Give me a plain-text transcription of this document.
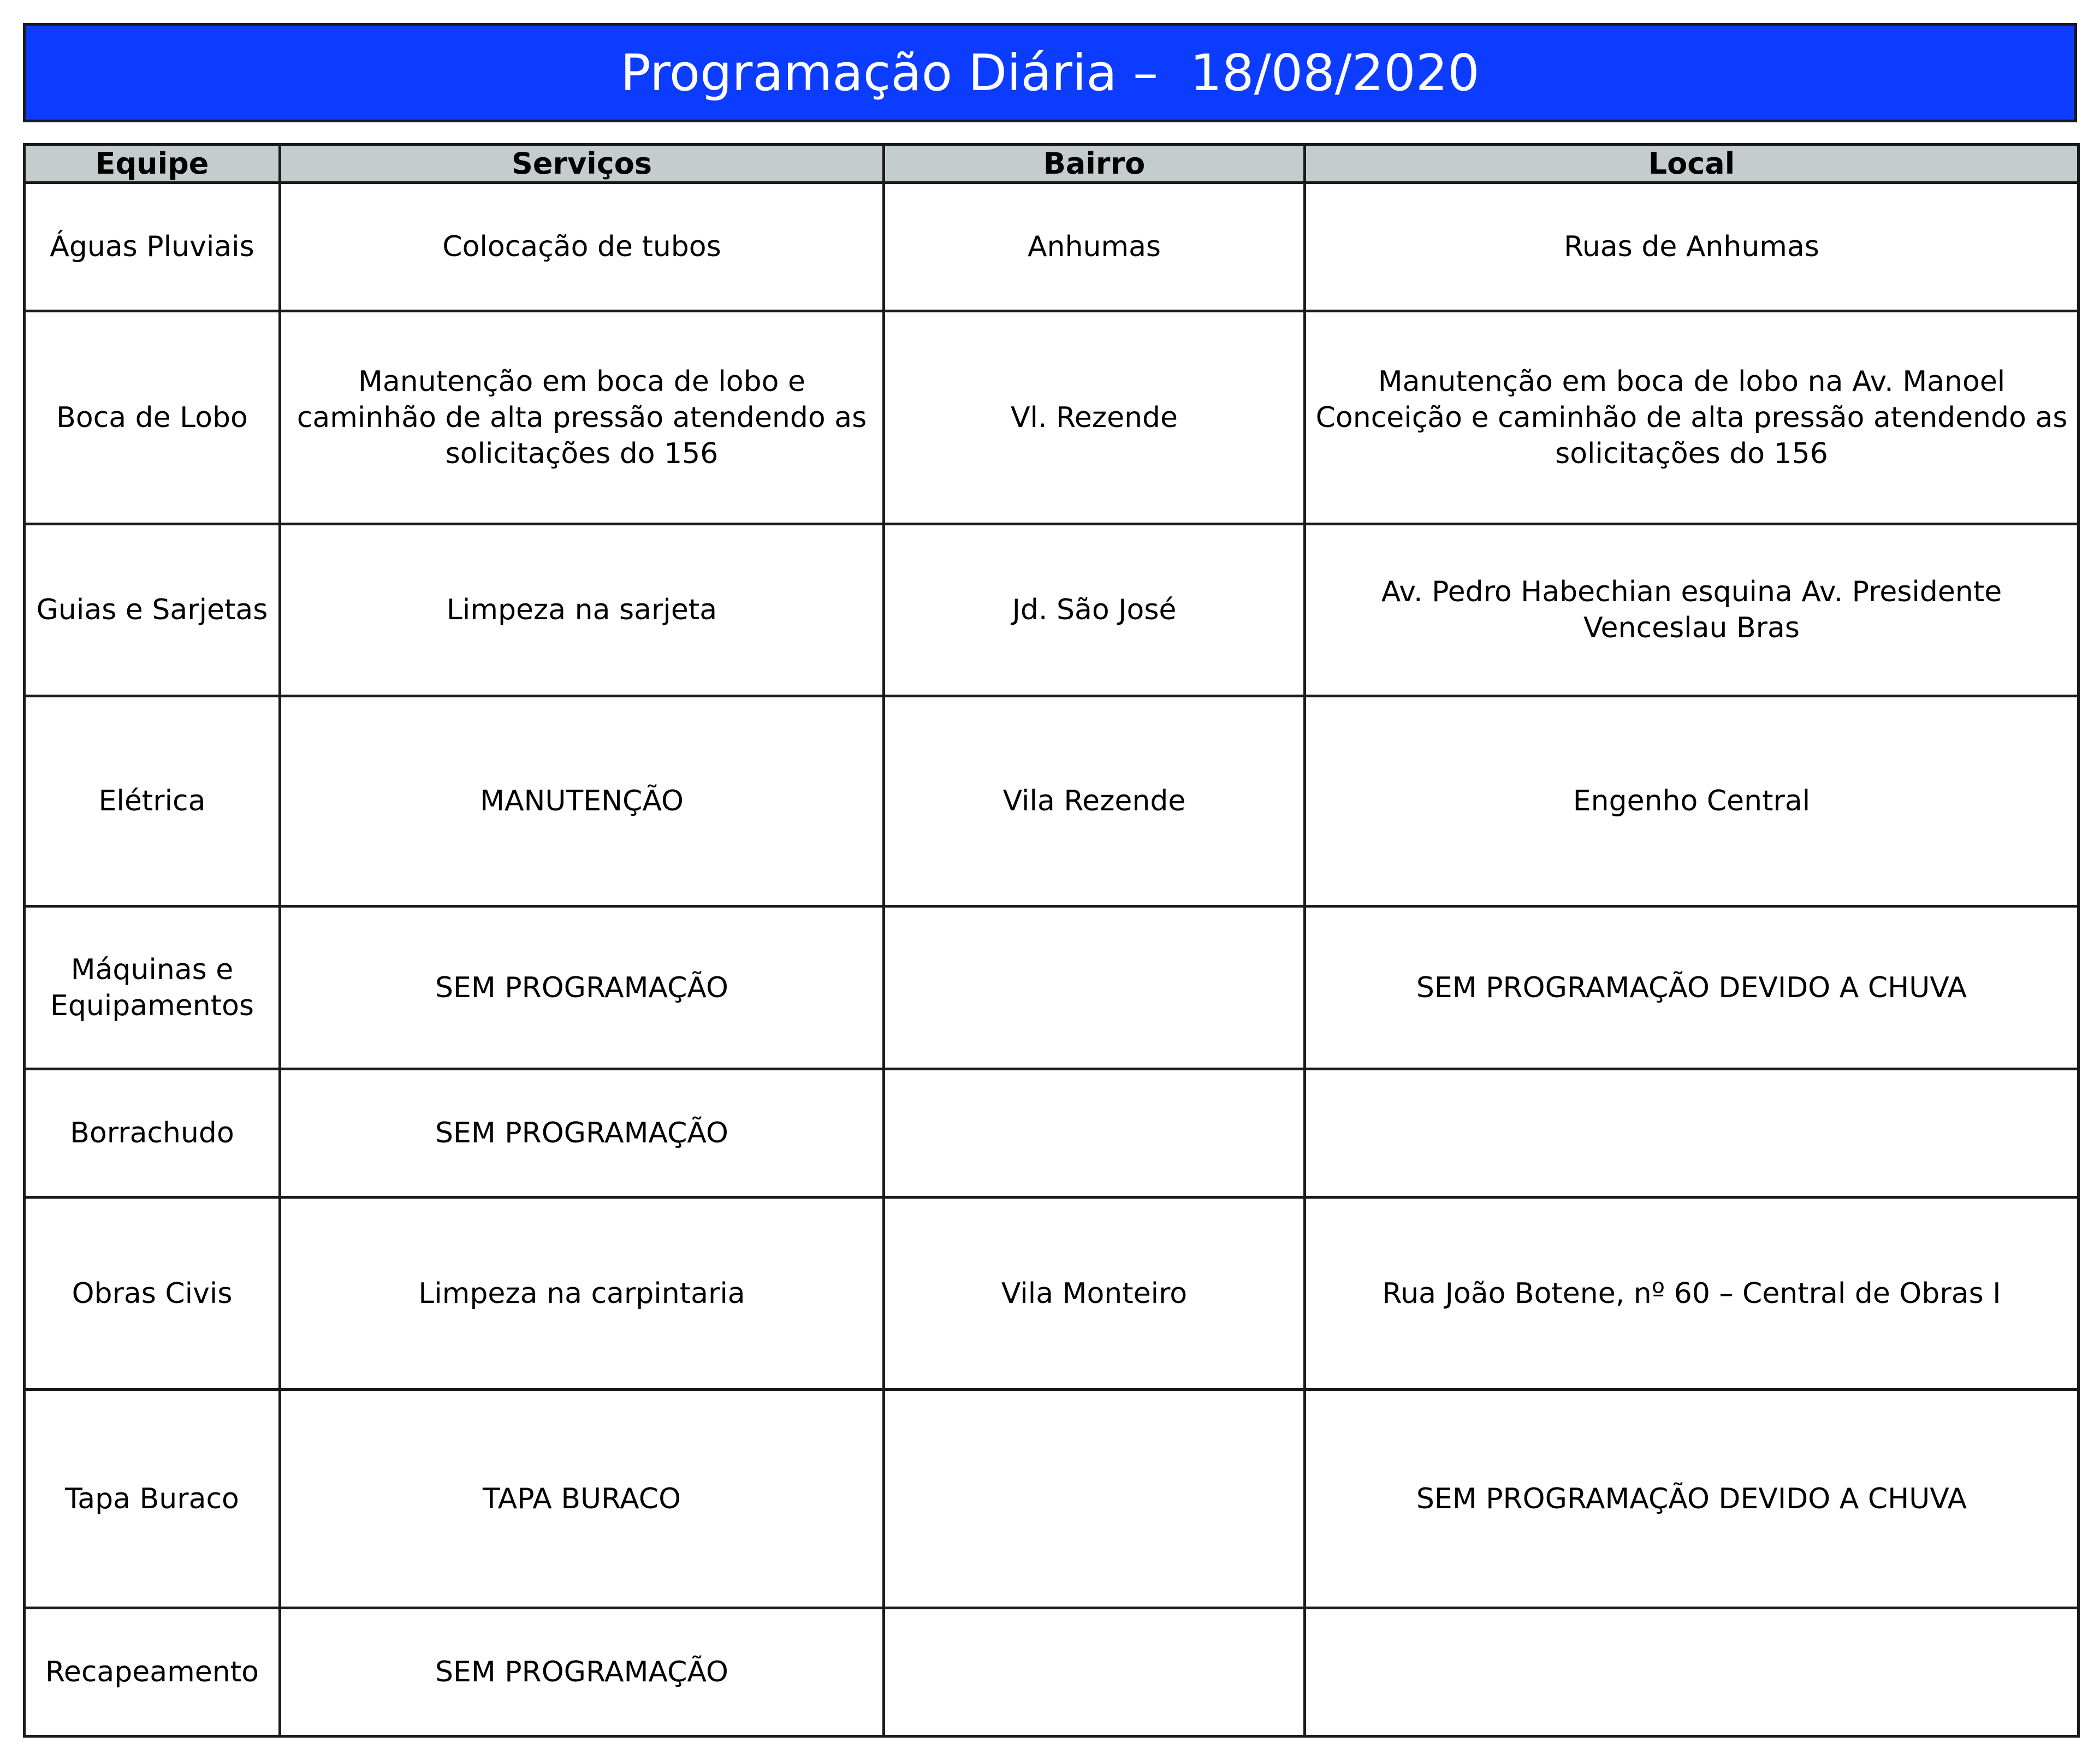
Programação Diária –  18/08/2020
Equipe	Serviços	Bairro	Local
Águas Pluviais	Colocação de tubos	Anhumas	Ruas de Anhumas
Boca de Lobo	Manutenção em boca de lobo e caminhão de alta pressão atendendo as solicitações do 156	Vl. Rezende	Manutenção em boca de lobo na Av. Manoel Conceição e caminhão de alta pressão atendendo as solicitações do 156
Guias e Sarjetas	Limpeza na sarjeta	Jd. São José	Av. Pedro Habechian esquina Av. Presidente Venceslau Bras
Elétrica	MANUTENÇÃO	Vila Rezende	Engenho Central
Máquinas e Equipamentos	SEM PROGRAMAÇÃO		SEM PROGRAMAÇÃO DEVIDO A CHUVA
Borrachudo	SEM PROGRAMAÇÃO		
Obras Civis	Limpeza na carpintaria	Vila Monteiro	Rua João Botene, nº 60 – Central de Obras I
Tapa Buraco	TAPA BURACO		SEM PROGRAMAÇÃO DEVIDO A CHUVA
Recapeamento	SEM PROGRAMAÇÃO		
